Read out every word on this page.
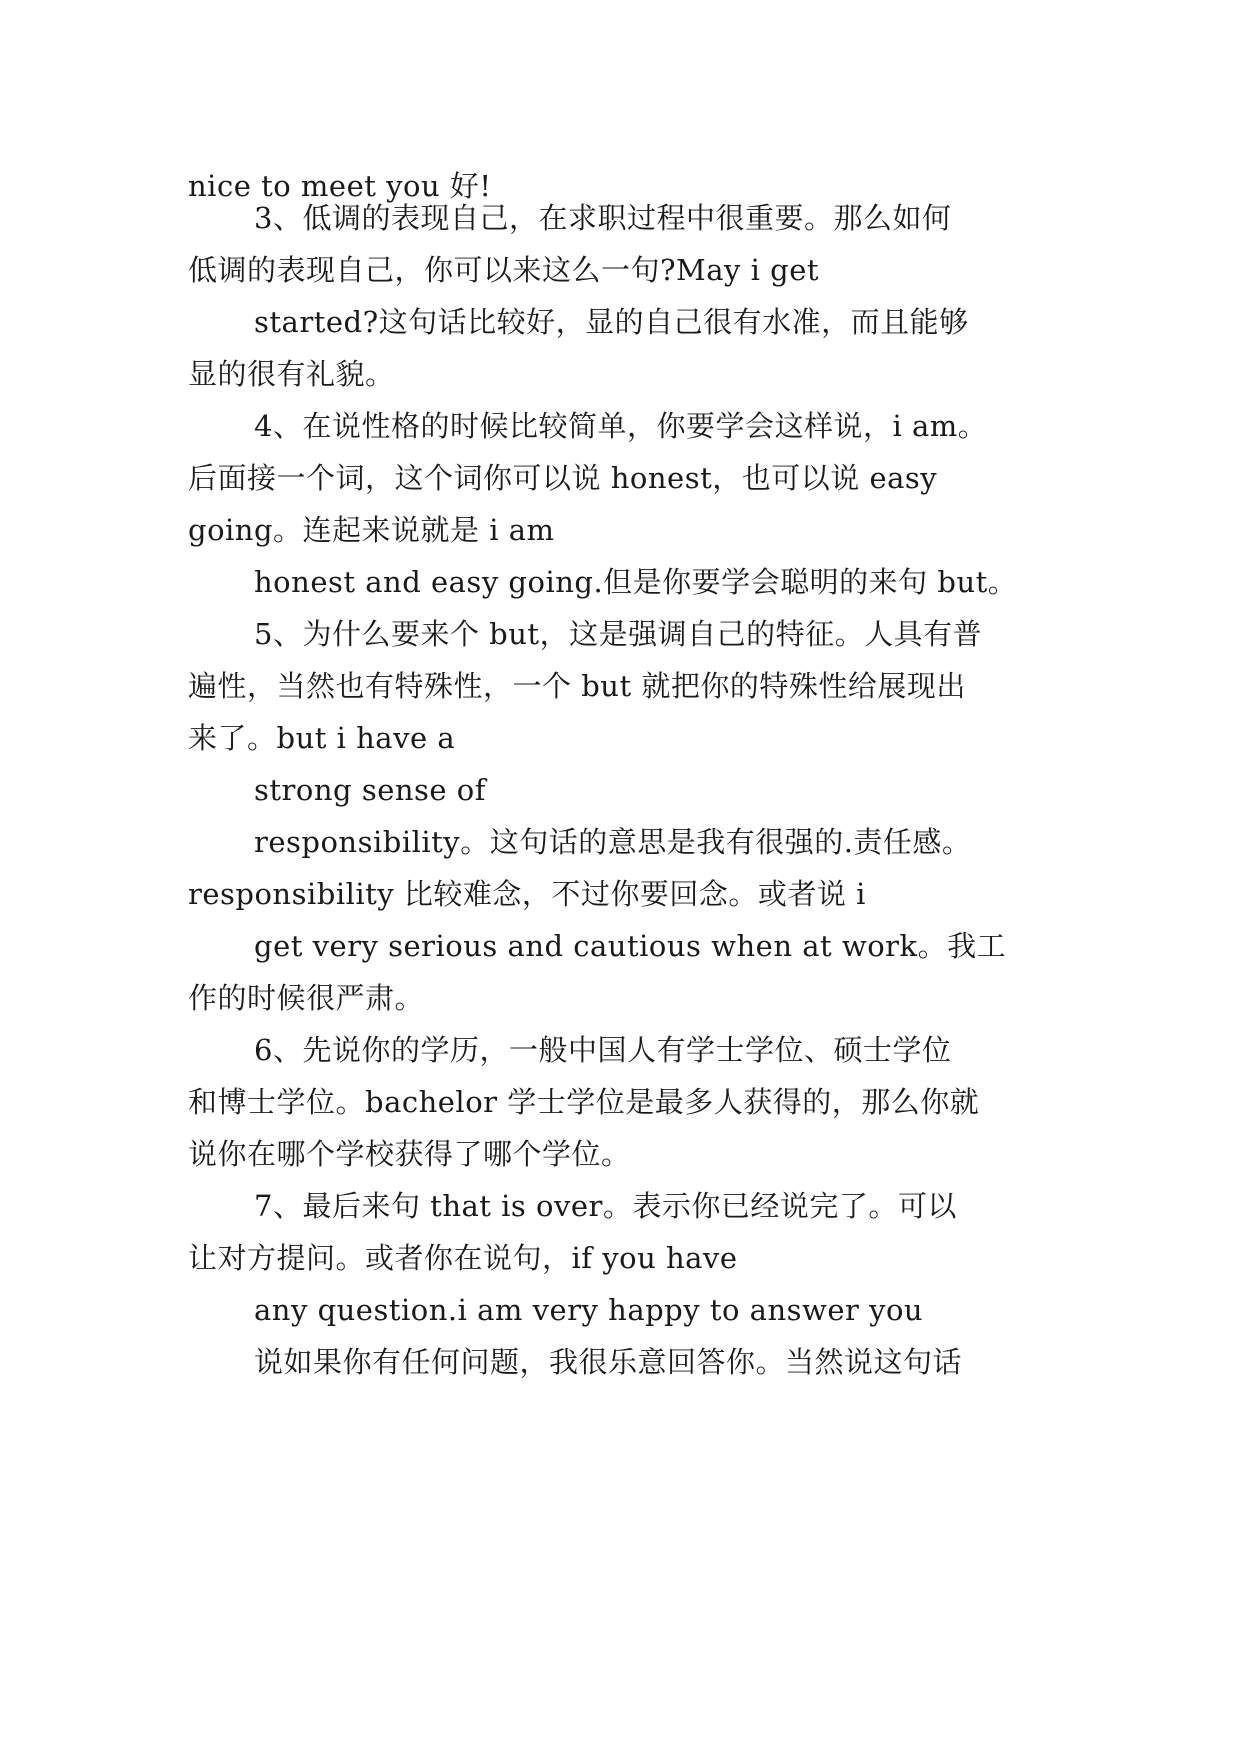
nice to meet you 好!
3、低调的表现自己，在求职过程中很重要。那么如何
低调的表现自己，你可以来这么一句?May i get
started?这句话比较好，显的自己很有水准，而且能够
显的很有礼貌。
4、在说性格的时候比较简单，你要学会这样说，i am。
后面接一个词，这个词你可以说 honest，也可以说 easy
going。连起来说就是 i am
honest and easy going.但是你要学会聪明的来句 but。
5、为什么要来个 but，这是强调自己的特征。人具有普
遍性，当然也有特殊性，一个 but 就把你的特殊性给展现出
来了。but i have a
strong sense of
responsibility。这句话的意思是我有很强的.责任感。
responsibility 比较难念，不过你要回念。或者说 i
get very serious and cautious when at work。我工
作的时候很严肃。
6、先说你的学历，一般中国人有学士学位、硕士学位
和博士学位。bachelor 学士学位是最多人获得的，那么你就
说你在哪个学校获得了哪个学位。
7、最后来句 that is over。表示你已经说完了。可以
让对方提问。或者你在说句，if you have
any question.i am very happy to answer you
说如果你有任何问题，我很乐意回答你。当然说这句话
